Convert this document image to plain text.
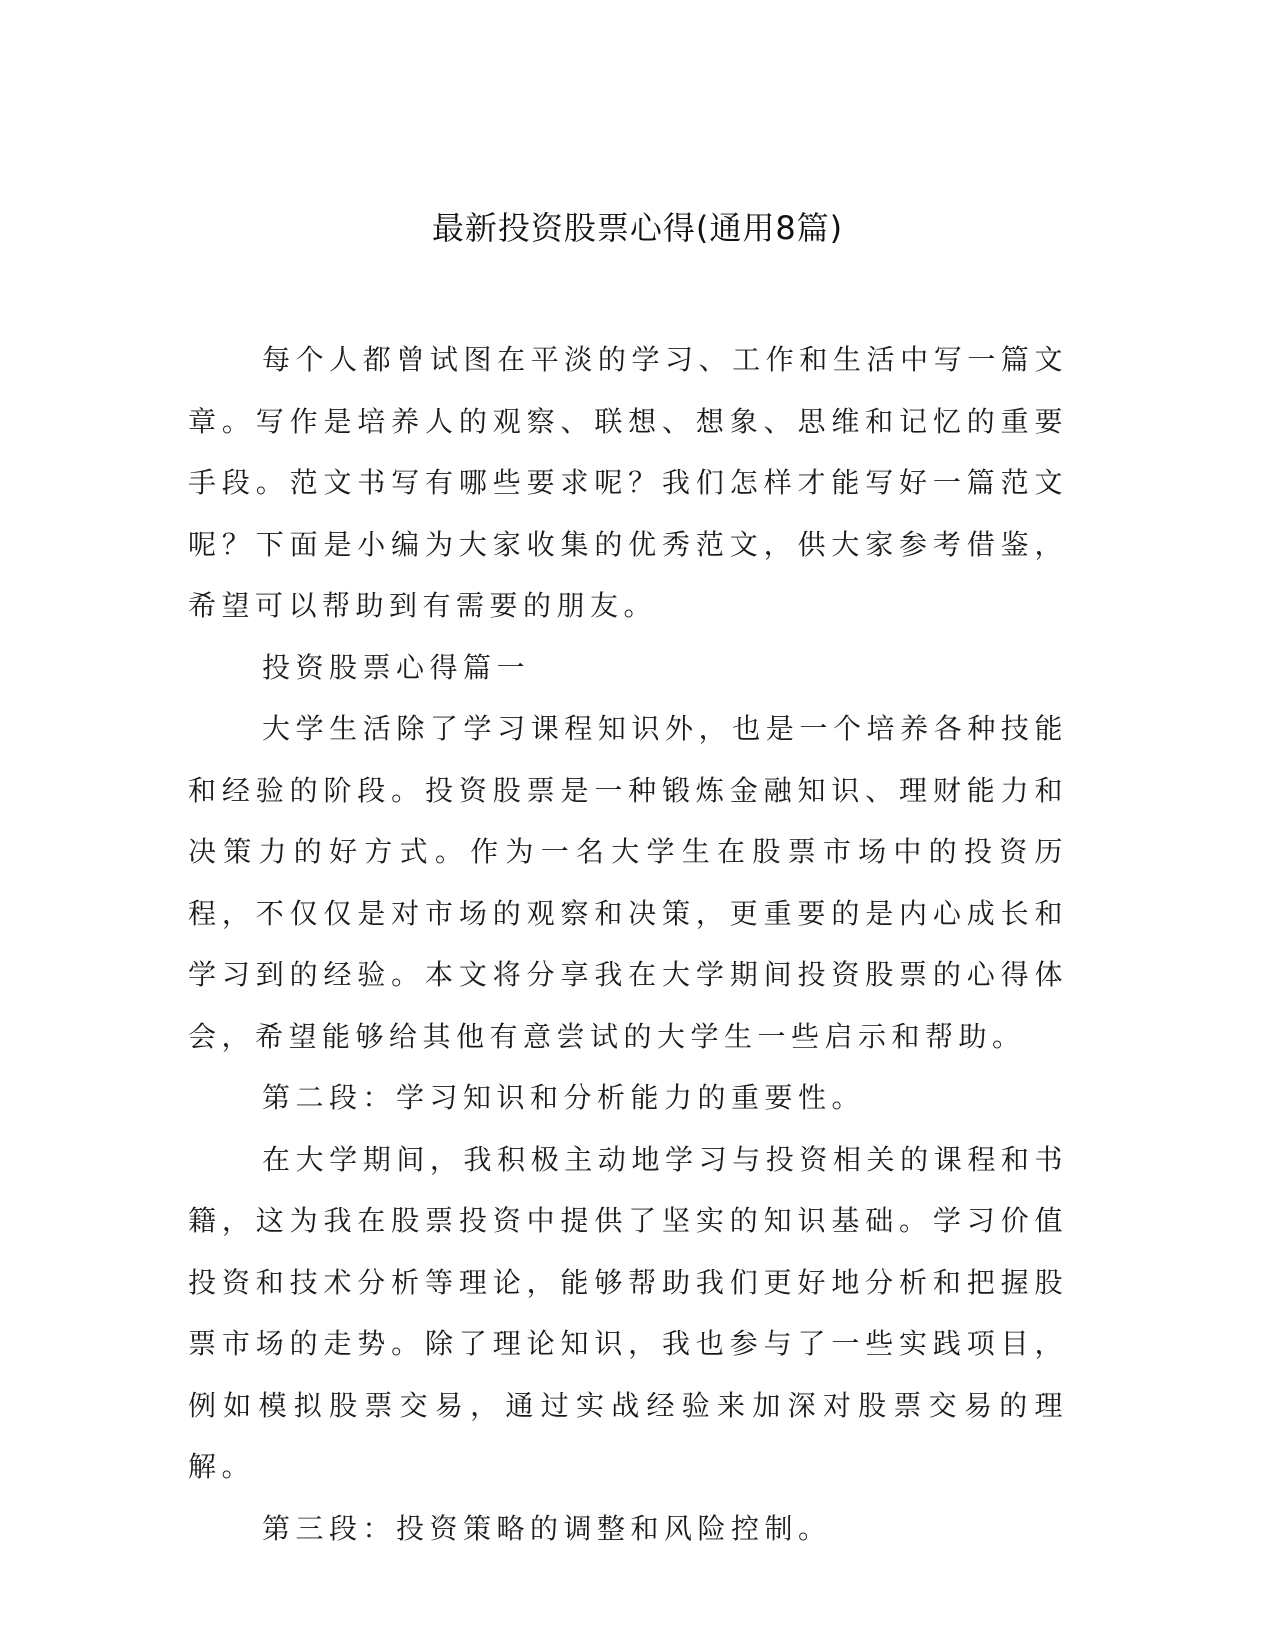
最新投资股票心得(通用8篇)

每个人都曾试图在平淡的学习、工作和生活中写一篇文章。写作是培养人的观察、联想、想象、思维和记忆的重要手段。范文书写有哪些要求呢？我们怎样才能写好一篇范文呢？下面是小编为大家收集的优秀范文，供大家参考借鉴，希望可以帮助到有需要的朋友。

投资股票心得篇一

大学生活除了学习课程知识外，也是一个培养各种技能和经验的阶段。投资股票是一种锻炼金融知识、理财能力和决策力的好方式。作为一名大学生在股票市场中的投资历程，不仅仅是对市场的观察和决策，更重要的是内心成长和学习到的经验。本文将分享我在大学期间投资股票的心得体会，希望能够给其他有意尝试的大学生一些启示和帮助。

第二段：学习知识和分析能力的重要性。

在大学期间，我积极主动地学习与投资相关的课程和书籍，这为我在股票投资中提供了坚实的知识基础。学习价值投资和技术分析等理论，能够帮助我们更好地分析和把握股票市场的走势。除了理论知识，我也参与了一些实践项目，例如模拟股票交易，通过实战经验来加深对股票交易的理解。

第三段：投资策略的调整和风险控制。
